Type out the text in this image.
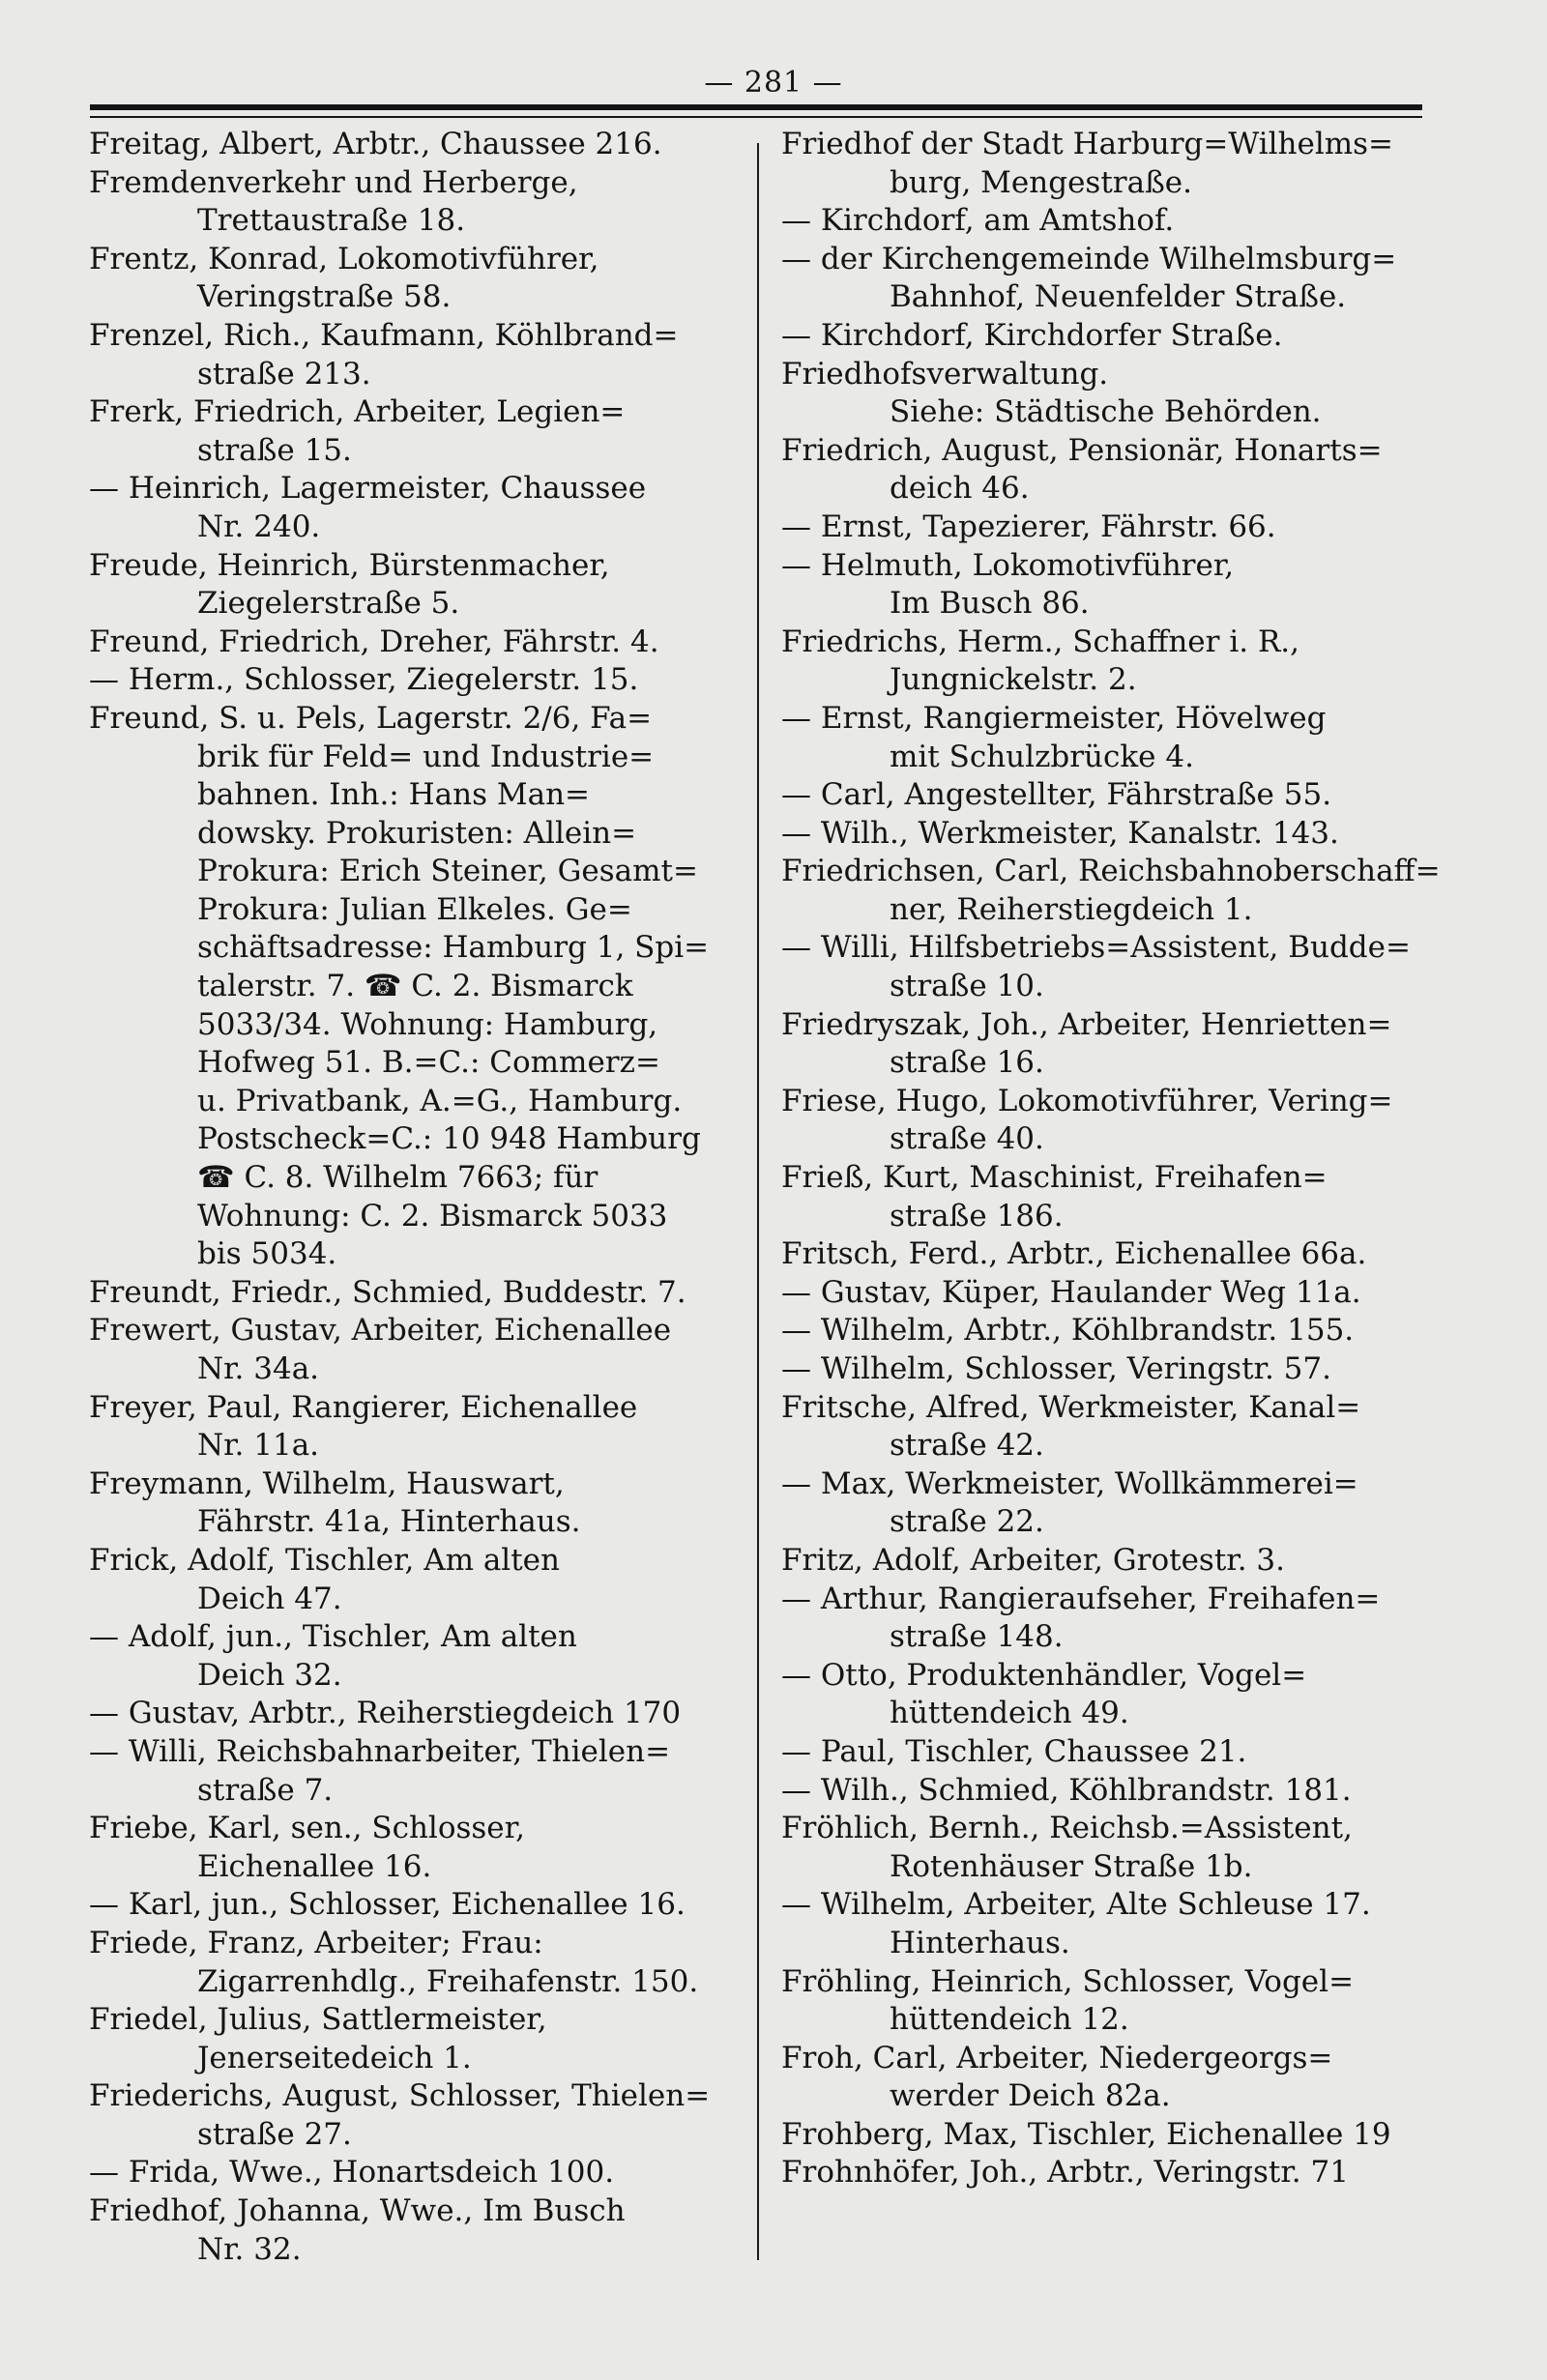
— 281 —
Freitag, Albert, Arbtr., Chaussee 216.
Fremdenverkehr und Herberge,
Trettaustraße 18.
Frentz, Konrad, Lokomotivführer,
Veringstraße 58.
Frenzel, Rich., Kaufmann, Köhlbrand=
straße 213.
Frerk, Friedrich, Arbeiter, Legien=
straße 15.
— Heinrich, Lagermeister, Chaussee
Nr. 240.
Freude, Heinrich, Bürstenmacher,
Ziegelerstraße 5.
Freund, Friedrich, Dreher, Fährstr. 4.
— Herm., Schlosser, Ziegelerstr. 15.
Freund, S. u. Pels, Lagerstr. 2/6, Fa=
brik für Feld= und Industrie=
bahnen. Inh.: Hans Man=
dowsky. Prokuristen: Allein=
Prokura: Erich Steiner, Gesamt=
Prokura: Julian Elkeles. Ge=
schäftsadresse: Hamburg 1, Spi=
talerstr. 7. ☎ C. 2. Bismarck
5033/34. Wohnung: Hamburg,
Hofweg 51. B.=C.: Commerz=
u. Privatbank, A.=G., Hamburg.
Postscheck=C.: 10 948 Hamburg
☎ C. 8. Wilhelm 7663; für
Wohnung: C. 2. Bismarck 5033
bis 5034.
Freundt, Friedr., Schmied, Buddestr. 7.
Frewert, Gustav, Arbeiter, Eichenallee
Nr. 34a.
Freyer, Paul, Rangierer, Eichenallee
Nr. 11a.
Freymann, Wilhelm, Hauswart,
Fährstr. 41a, Hinterhaus.
Frick, Adolf, Tischler, Am alten
Deich 47.
— Adolf, jun., Tischler, Am alten
Deich 32.
— Gustav, Arbtr., Reiherstiegdeich 170
— Willi, Reichsbahnarbeiter, Thielen=
straße 7.
Friebe, Karl, sen., Schlosser,
Eichenallee 16.
— Karl, jun., Schlosser, Eichenallee 16.
Friede, Franz, Arbeiter; Frau:
Zigarrenhdlg., Freihafenstr. 150.
Friedel, Julius, Sattlermeister,
Jenerseitedeich 1.
Friederichs, August, Schlosser, Thielen=
straße 27.
— Frida, Wwe., Honartsdeich 100.
Friedhof, Johanna, Wwe., Im Busch
Nr. 32.
Friedhof der Stadt Harburg=Wilhelms=
burg, Mengestraße.
— Kirchdorf, am Amtshof.
— der Kirchengemeinde Wilhelmsburg=
Bahnhof, Neuenfelder Straße.
— Kirchdorf, Kirchdorfer Straße.
Friedhofsverwaltung.
Siehe: Städtische Behörden.
Friedrich, August, Pensionär, Honarts=
deich 46.
— Ernst, Tapezierer, Fährstr. 66.
— Helmuth, Lokomotivführer,
Im Busch 86.
Friedrichs, Herm., Schaffner i. R.,
Jungnickelstr. 2.
— Ernst, Rangiermeister, Hövelweg
mit Schulzbrücke 4.
— Carl, Angestellter, Fährstraße 55.
— Wilh., Werkmeister, Kanalstr. 143.
Friedrichsen, Carl, Reichsbahnoberschaff=
ner, Reiherstiegdeich 1.
— Willi, Hilfsbetriebs=Assistent, Budde=
straße 10.
Friedryszak, Joh., Arbeiter, Henrietten=
straße 16.
Friese, Hugo, Lokomotivführer, Vering=
straße 40.
Frieß, Kurt, Maschinist, Freihafen=
straße 186.
Fritsch, Ferd., Arbtr., Eichenallee 66a.
— Gustav, Küper, Haulander Weg 11a.
— Wilhelm, Arbtr., Köhlbrandstr. 155.
— Wilhelm, Schlosser, Veringstr. 57.
Fritsche, Alfred, Werkmeister, Kanal=
straße 42.
— Max, Werkmeister, Wollkämmerei=
straße 22.
Fritz, Adolf, Arbeiter, Grotestr. 3.
— Arthur, Rangieraufseher, Freihafen=
straße 148.
— Otto, Produktenhändler, Vogel=
hüttendeich 49.
— Paul, Tischler, Chaussee 21.
— Wilh., Schmied, Köhlbrandstr. 181.
Fröhlich, Bernh., Reichsb.=Assistent,
Rotenhäuser Straße 1b.
— Wilhelm, Arbeiter, Alte Schleuse 17.
Hinterhaus.
Fröhling, Heinrich, Schlosser, Vogel=
hüttendeich 12.
Froh, Carl, Arbeiter, Niedergeorgs=
werder Deich 82a.
Frohberg, Max, Tischler, Eichenallee 19
Frohnhöfer, Joh., Arbtr., Veringstr. 71
